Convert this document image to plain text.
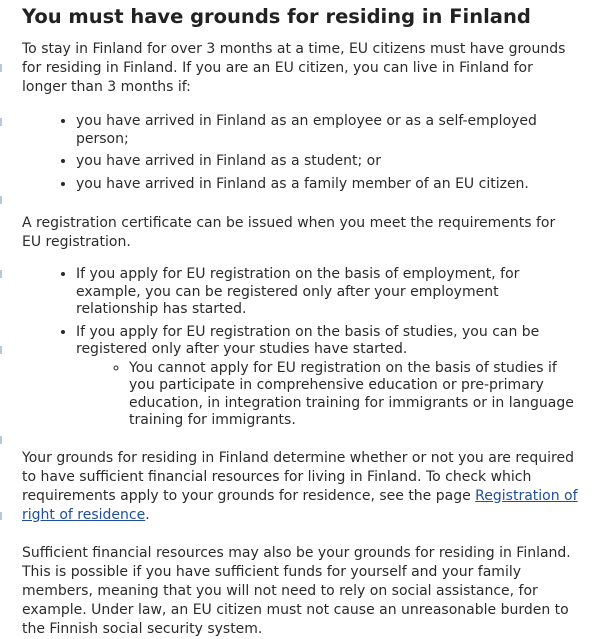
You must have grounds for residing in Finland

To stay in Finland for over 3 months at a time, EU citizens must have grounds for residing in Finland. If you are an EU citizen, you can live in Finland for longer than 3 months if:

• you have arrived in Finland as an employee or as a self-employed person;
• you have arrived in Finland as a student; or
• you have arrived in Finland as a family member of an EU citizen.

A registration certificate can be issued when you meet the requirements for EU registration.

• If you apply for EU registration on the basis of employment, for example, you can be registered only after your employment relationship has started.
• If you apply for EU registration on the basis of studies, you can be registered only after your studies have started.
◦ You cannot apply for EU registration on the basis of studies if you participate in comprehensive education or pre-primary education, in integration training for immigrants or in language training for immigrants.

Your grounds for residing in Finland determine whether or not you are required to have sufficient financial resources for living in Finland. To check which requirements apply to your grounds for residence, see the page Registration of right of residence.

Sufficient financial resources may also be your grounds for residing in Finland. This is possible if you have sufficient funds for yourself and your family members, meaning that you will not need to rely on social assistance, for example. Under law, an EU citizen must not cause an unreasonable burden to the Finnish social security system.
